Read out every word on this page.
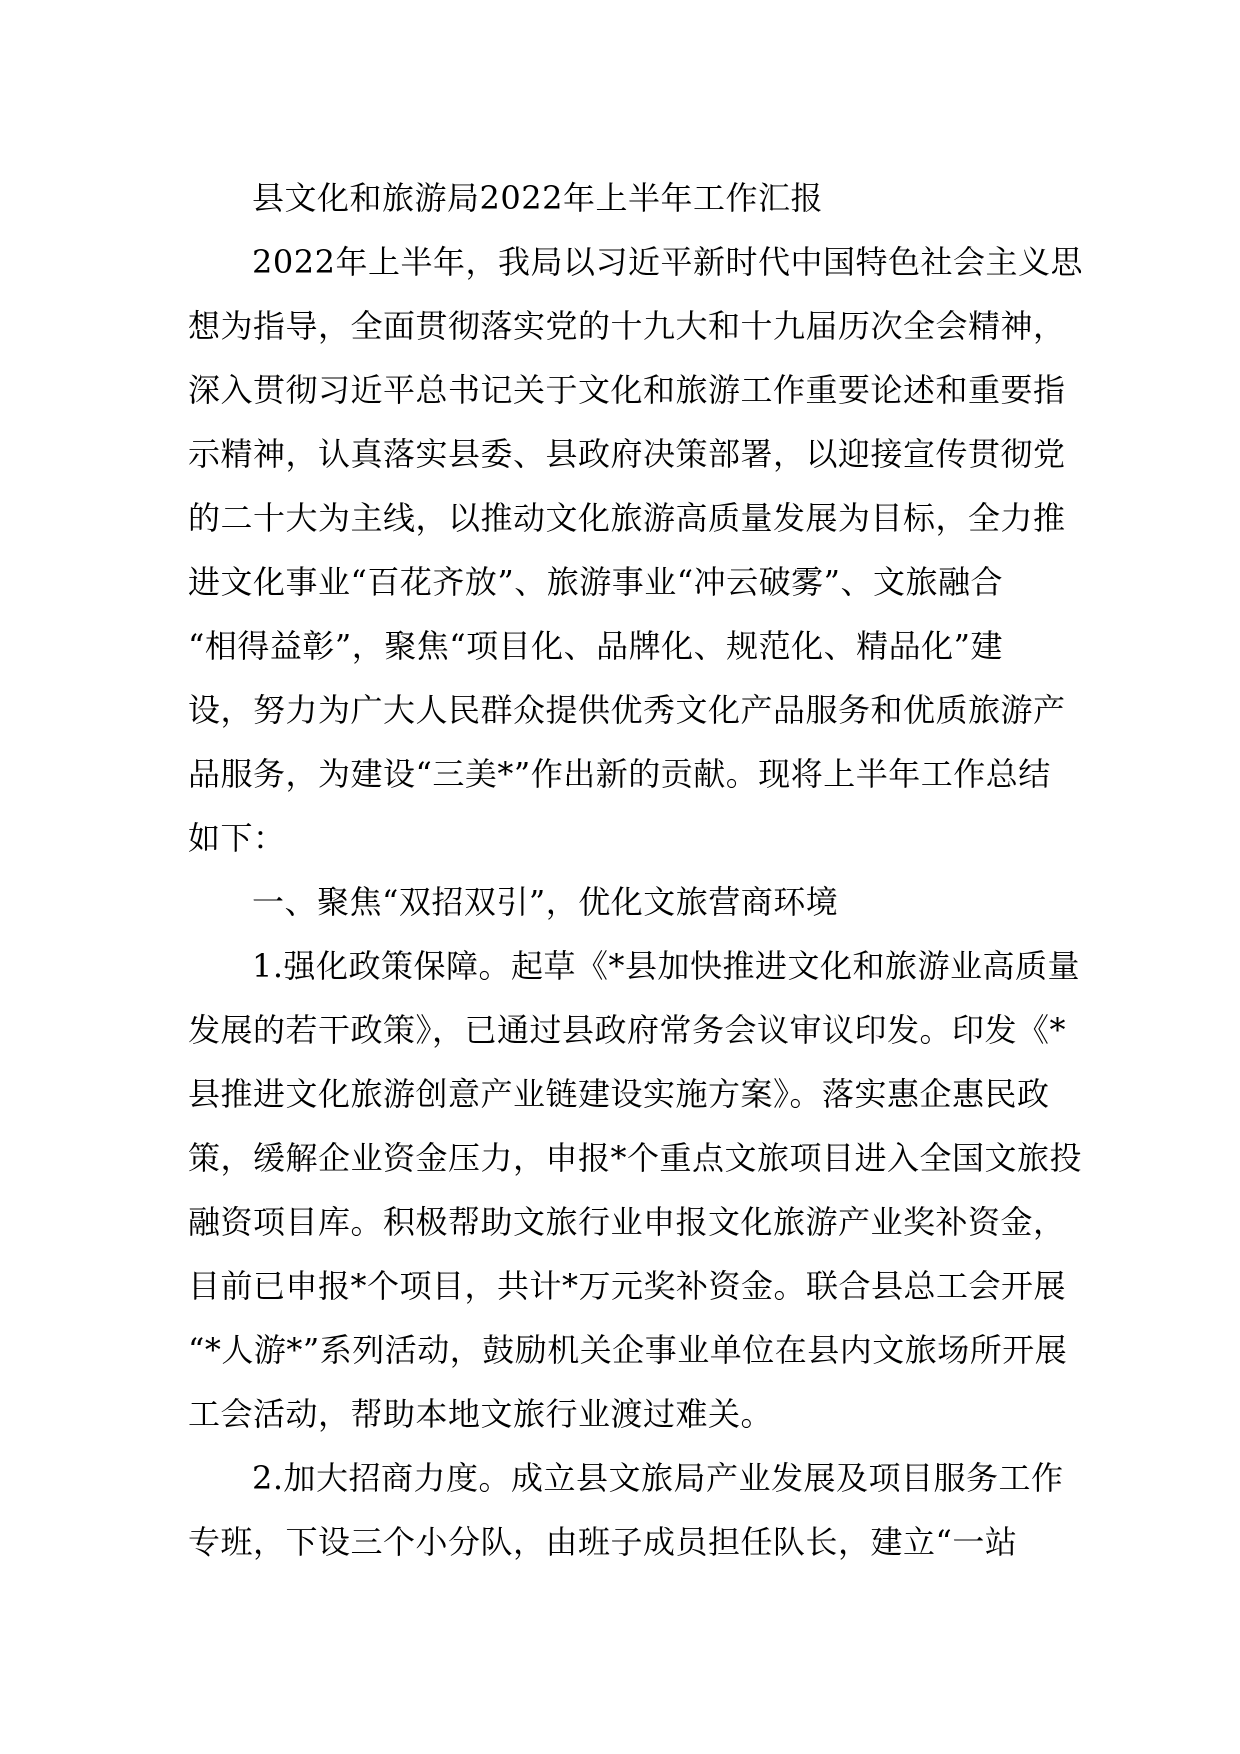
县文化和旅游局2022年上半年工作汇报
2022年上半年，我局以习近平新时代中国特色社会主义思
想为指导，全面贯彻落实党的十九大和十九届历次全会精神，
深入贯彻习近平总书记关于文化和旅游工作重要论述和重要指
示精神，认真落实县委、县政府决策部署，以迎接宣传贯彻党
的二十大为主线，以推动文化旅游高质量发展为目标，全力推
进文化事业“百花齐放”、旅游事业“冲云破雾”、文旅融合
“相得益彰”，聚焦“项目化、品牌化、规范化、精品化”建
设，努力为广大人民群众提供优秀文化产品服务和优质旅游产
品服务，为建设“三美*”作出新的贡献。现将上半年工作总结
如下：
一、聚焦“双招双引”，优化文旅营商环境
1.强化政策保障。起草《*县加快推进文化和旅游业高质量
发展的若干政策》，已通过县政府常务会议审议印发。印发《*
县推进文化旅游创意产业链建设实施方案》。落实惠企惠民政
策，缓解企业资金压力，申报*个重点文旅项目进入全国文旅投
融资项目库。积极帮助文旅行业申报文化旅游产业奖补资金，
目前已申报*个项目，共计*万元奖补资金。联合县总工会开展
“*人游*”系列活动，鼓励机关企事业单位在县内文旅场所开展
工会活动，帮助本地文旅行业渡过难关。
2.加大招商力度。成立县文旅局产业发展及项目服务工作
专班，下设三个小分队，由班子成员担任队长，建立“一站
